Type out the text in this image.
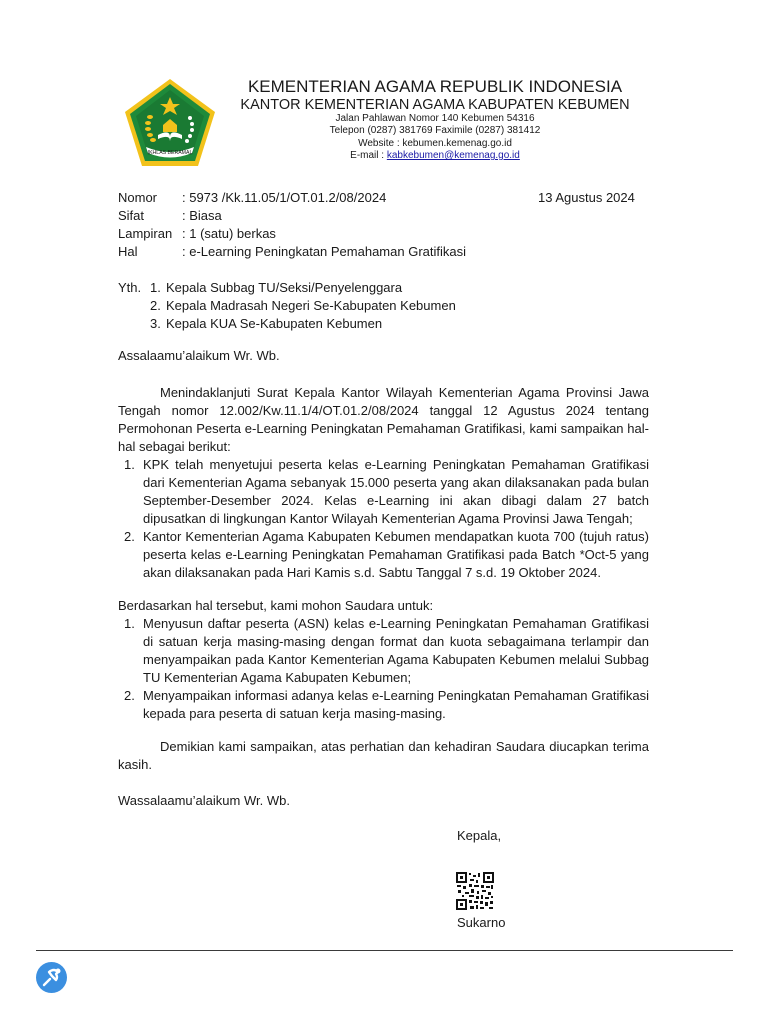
IKHLAS BERAMAL
KEMENTERIAN AGAMA REPUBLIK INDONESIA
KANTOR KEMENTERIAN AGAMA KABUPATEN KEBUMEN
Jalan Pahlawan Nomor 140 Kebumen 54316
Telepon (0287) 381769 Faximile (0287) 381412
Website : kebumen.kemenag.go.id
E-mail : kabkebumen@kemenag.go.id
Nomor : 5973 /Kk.11.05/1/OT.01.2/08/2024
Sifat	: Biasa
Lampiran : 1 (satu) berkas
Hal	: e-Learning Peningkatan Pemahaman Gratifikasi
13 Agustus 2024
Yth. 1. Kepala Subbag TU/Seksi/Penyelenggara
2. Kepala Madrasah Negeri Se-Kabupaten Kebumen
3. Kepala KUA Se-Kabupaten Kebumen
Assalaamu’alaikum Wr. Wb.
Menindaklanjuti Surat Kepala Kantor Wilayah Kementerian Agama Provinsi Jawa Tengah nomor 12.002/Kw.11.1/4/OT.01.2/08/2024 tanggal 12 Agustus 2024 tentang Permohonan Peserta e-Learning Peningkatan Pemahaman Gratifikasi, kami sampaikan hal-hal sebagai berikut:
1. KPK telah menyetujui peserta kelas e-Learning Peningkatan Pemahaman Gratifikasi dari Kementerian Agama sebanyak 15.000 peserta yang akan dilaksanakan pada bulan September-Desember 2024. Kelas e-Learning ini akan dibagi dalam 27 batch dipusatkan di lingkungan Kantor Wilayah Kementerian Agama Provinsi Jawa Tengah;
2. Kantor Kementerian Agama Kabupaten Kebumen mendapatkan kuota 700 (tujuh ratus) peserta kelas e-Learning Peningkatan Pemahaman Gratifikasi pada Batch *Oct-5 yang akan dilaksanakan pada Hari Kamis s.d. Sabtu Tanggal 7 s.d. 19 Oktober 2024.
Berdasarkan hal tersebut, kami mohon Saudara untuk:
1. Menyusun daftar peserta (ASN) kelas e-Learning Peningkatan Pemahaman Gratifikasi di satuan kerja masing-masing dengan format dan kuota sebagaimana terlampir dan menyampaikan pada Kantor Kementerian Agama Kabupaten Kebumen melalui Subbag TU Kementerian Agama Kabupaten Kebumen;
2. Menyampaikan informasi adanya kelas e-Learning Peningkatan Pemahaman Gratifikasi kepada para peserta di satuan kerja masing-masing.
Demikian kami sampaikan, atas perhatian dan kehadiran Saudara diucapkan terima kasih.
Wassalaamu’alaikum Wr. Wb.
Kepala,
Sukarno
